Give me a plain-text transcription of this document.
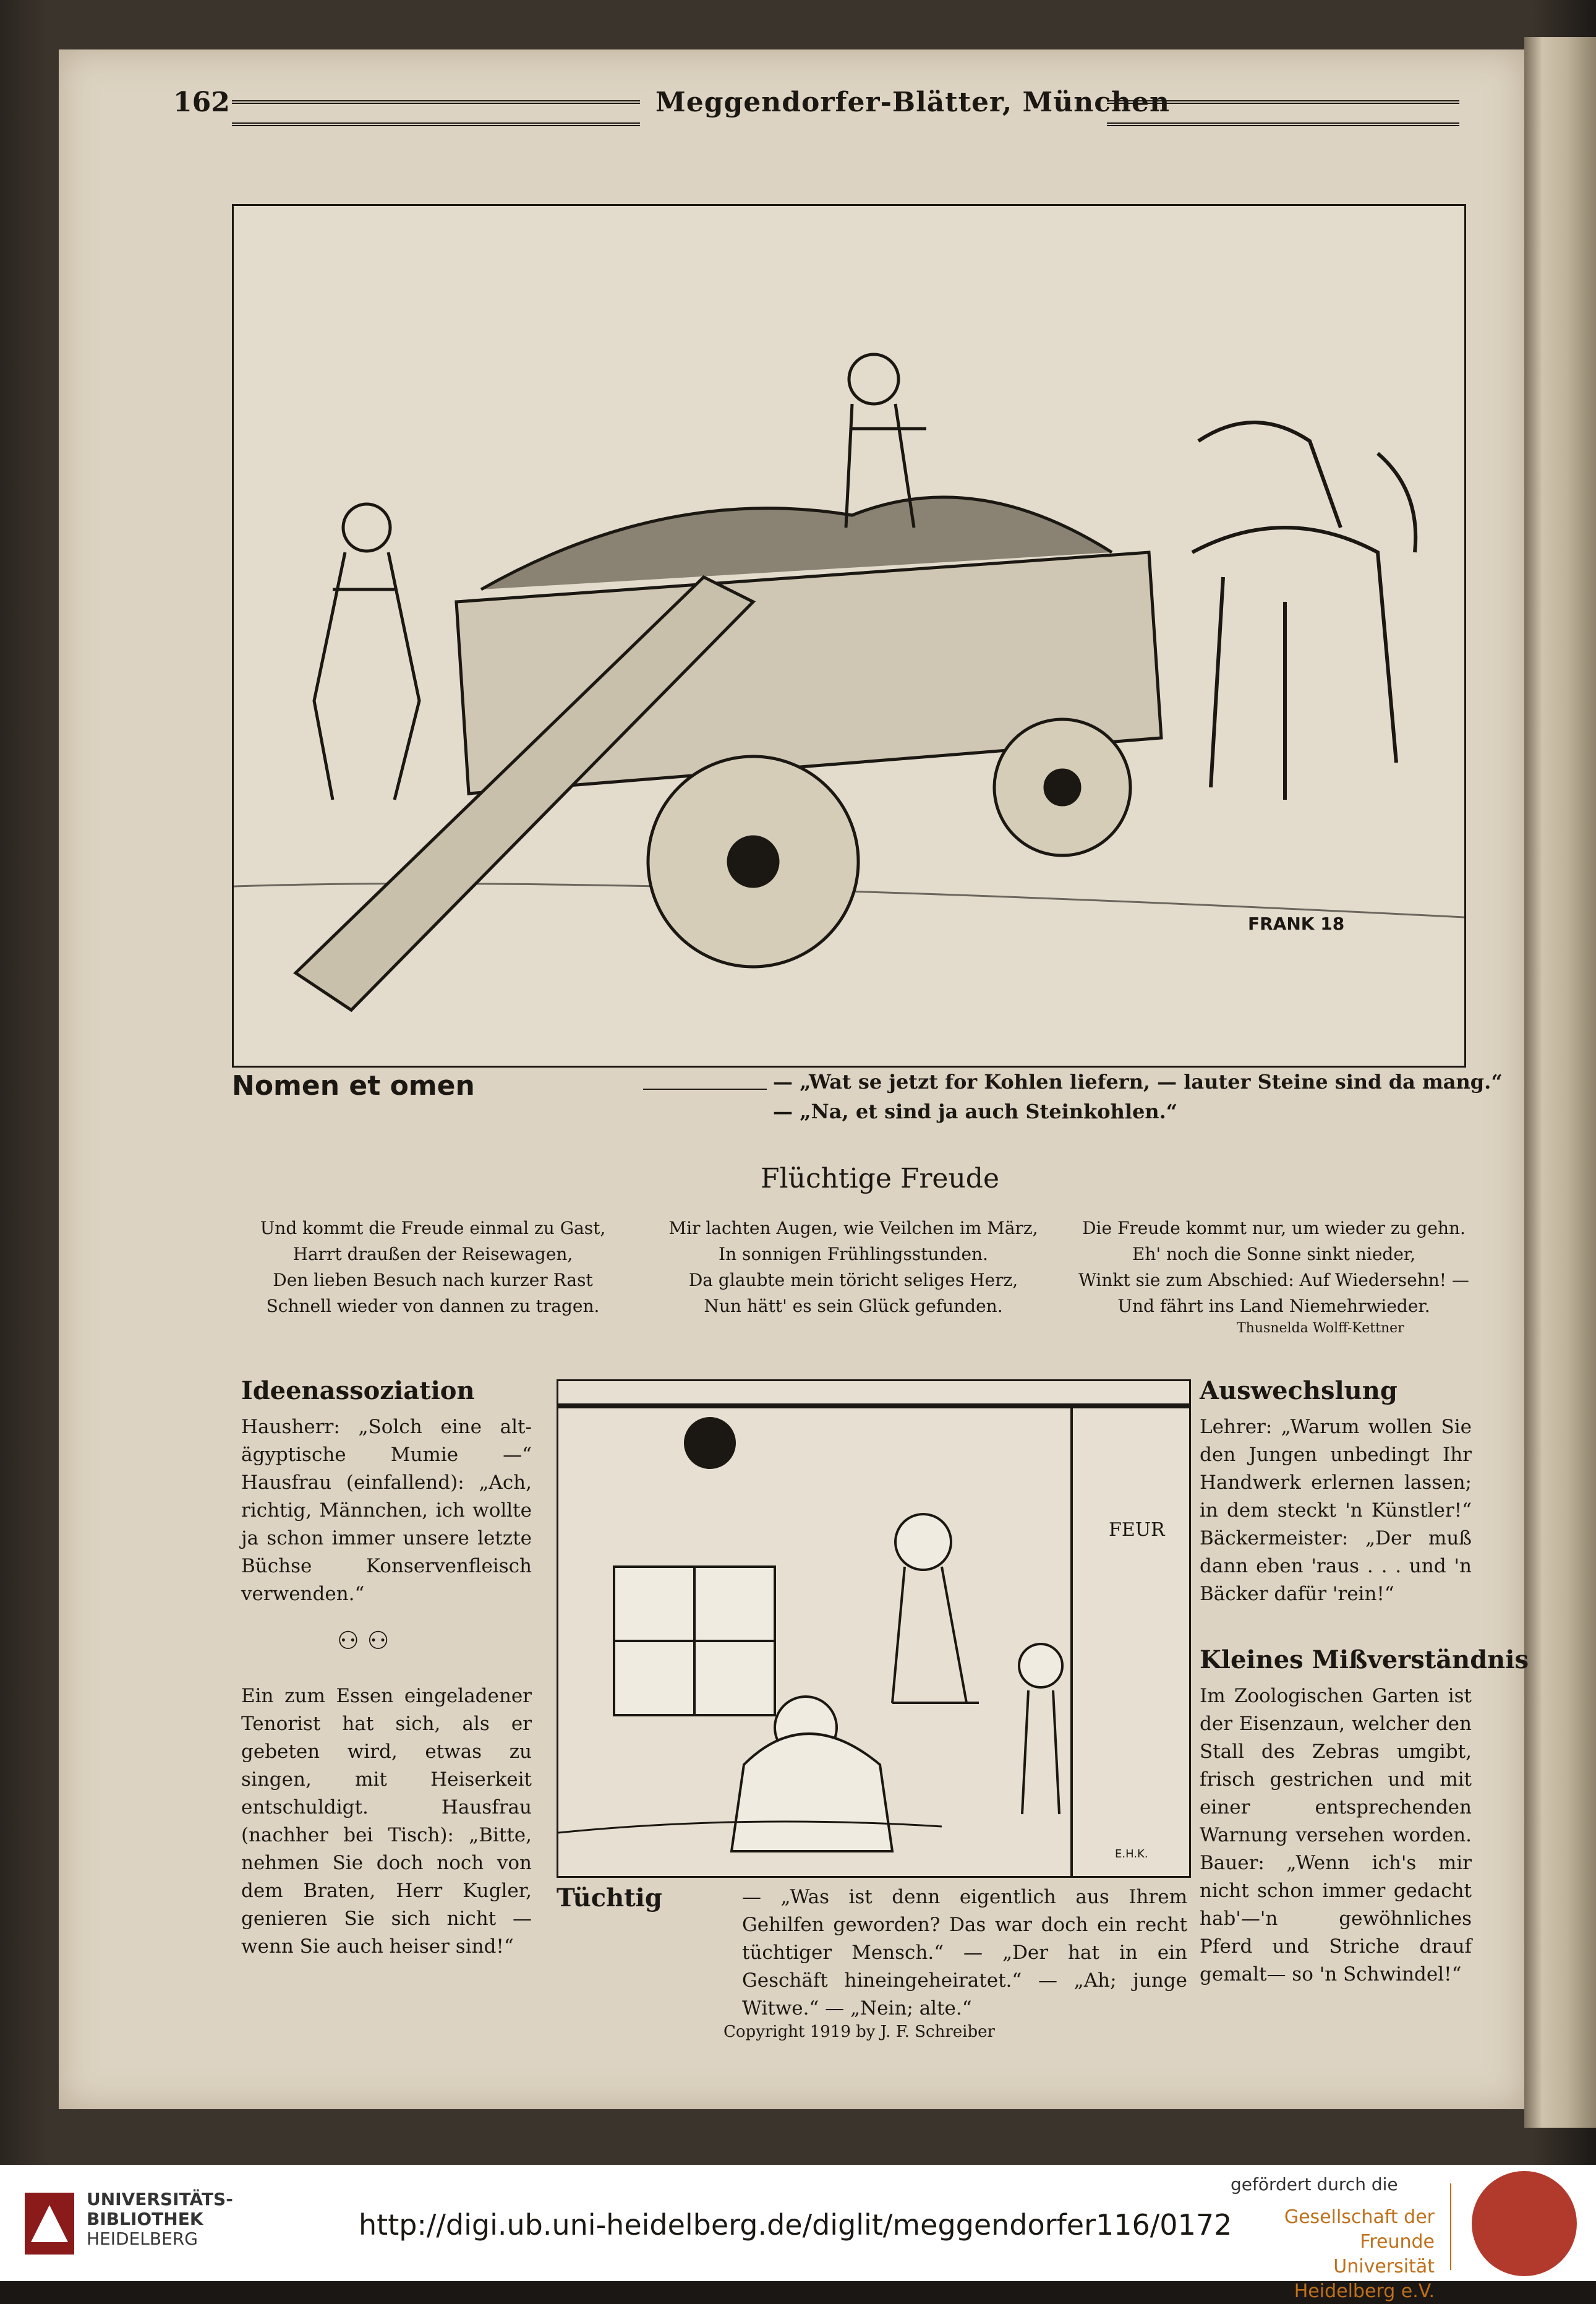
162	Meggendorfer-Blätter, München
FRANK 18
Nomen et omen	— „Wat se jetzt for Kohlen liefern, — lauter Steine sind da mang.“
— „Na, et sind ja auch Steinkohlen.“
Flüchtige Freude
Und kommt die Freude einmal zu Gast,
Harrt draußen der Reisewagen,
Den lieben Besuch nach kurzer Rast
Schnell wieder von dannen zu tragen.
Mir lachten Augen, wie Veilchen im März,
In sonnigen Frühlingsstunden.
Da glaubte mein töricht seliges Herz,
Nun hätt' es sein Glück gefunden.
Die Freude kommt nur, um wieder zu gehn.
Eh' noch die Sonne sinkt nieder,
Winkt sie zum Abschied: Auf Wiedersehn! —
Und fährt ins Land Niemehrwieder.
Thusnelda Wolff-Kettner
Ideenassoziation
Hausherr: „Solch eine alt-ägyptische Mumie —“ Hausfrau (einfallend): „Ach, richtig, Männchen, ich wollte ja schon immer unsere letzte Büchse Konservenfleisch verwenden.“
⚇ ⚇
Ein zum Essen eingeladener Tenorist hat sich, als er gebeten wird, etwas zu singen, mit Heiserkeit entschuldigt. Hausfrau (nachher bei Tisch): „Bitte, nehmen Sie doch noch von dem Braten, Herr Kugler, genieren Sie sich nicht — wenn Sie auch heiser sind!“
FEUR
E.H.K.
Tüchtig	— „Was ist denn eigentlich aus Ihrem Gehilfen geworden? Das war doch ein recht tüchtiger Mensch.“ — „Der hat in ein Geschäft hineingeheiratet.“ — „Ah; junge Witwe.“ — „Nein; alte.“
Auswechslung
Lehrer: „Warum wollen Sie den Jungen unbedingt Ihr Handwerk erlernen lassen; in dem steckt 'n Künstler!“ Bäckermeister: „Der muß dann eben 'raus . . . und 'n Bäcker dafür 'rein!“
Kleines Mißverständnis
Im Zoologischen Garten ist der Eisenzaun, welcher den Stall des Zebras umgibt, frisch gestrichen und mit einer entsprechenden Warnung versehen worden. Bauer: „Wenn ich's mir nicht schon immer gedacht hab'—'n gewöhnliches Pferd und Striche drauf gemalt— so 'n Schwindel!“
Copyright 1919 by J. F. Schreiber
UNIVERSITÄTS-
BIBLIOTHEK
HEIDELBERG	http://digi.ub.uni-heidelberg.de/diglit/meggendorfer116/0172
gefördert durch die
Gesellschaft der Freunde
Universität Heidelberg e.V.
